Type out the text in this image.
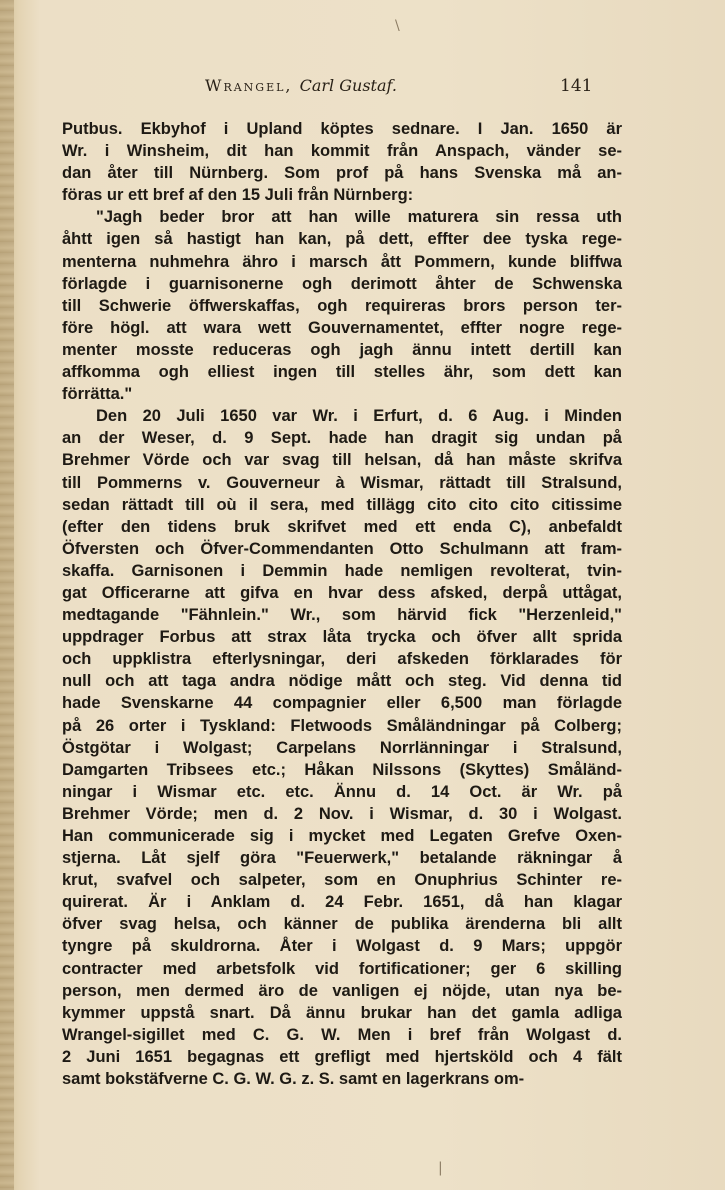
Wrangel, Carl Gustaf.	141
Putbus. Ekbyhof i Upland köptes sednare. I Jan. 1650 är
Wr. i Winsheim, dit han kommit från Anspach, vänder se-
dan åter till Nürnberg. Som prof på hans Svenska må an-
föras ur ett bref af den 15 Juli från Nürnberg:
"Jagh beder bror att han wille maturera sin ressa uth
åhtt igen så hastigt han kan, på dett, effter dee tyska rege-
menterna nuhmehra ähro i marsch ått Pommern, kunde bliffwa
förlagde i guarnisonerne ogh derimott åhter de Schwenska
till Schwerie öffwerskaffas, ogh requireras brors person ter-
före högl. att wara wett Gouvernamentet, effter nogre rege-
menter mosste reduceras ogh jagh ännu intett dertill kan
affkomma ogh elliest ingen till stelles ähr, som dett kan
förrätta."
Den 20 Juli 1650 var Wr. i Erfurt, d. 6 Aug. i Minden
an der Weser, d. 9 Sept. hade han dragit sig undan på
Brehmer Vörde och var svag till helsan, då han måste skrifva
till Pommerns v. Gouverneur à Wismar, rättadt till Stralsund,
sedan rättadt till où il sera, med tillägg cito cito cito citissime
(efter den tidens bruk skrifvet med ett enda C), anbefaldt
Öfversten och Öfver-Commendanten Otto Schulmann att fram-
skaffa. Garnisonen i Demmin hade nemligen revolterat, tvin-
gat Officerarne att gifva en hvar dess afsked, derpå uttågat,
medtagande "Fähnlein." Wr., som härvid fick "Herzenleid,"
uppdrager Forbus att strax låta trycka och öfver allt sprida
och uppklistra efterlysningar, deri afskeden förklarades för
null och att taga andra nödige mått och steg. Vid denna tid
hade Svenskarne 44 compagnier eller 6,500 man förlagde
på 26 orter i Tyskland: Fletwoods Småländningar på Colberg;
Östgötar i Wolgast; Carpelans Norrlänningar i Stralsund,
Damgarten Tribsees etc.; Håkan Nilssons (Skyttes) Småländ-
ningar i Wismar etc. etc. Ännu d. 14 Oct. är Wr. på
Brehmer Vörde; men d. 2 Nov. i Wismar, d. 30 i Wolgast.
Han communicerade sig i mycket med Legaten Grefve Oxen-
stjerna. Låt sjelf göra "Feuerwerk," betalande räkningar å
krut, svafvel och salpeter, som en Onuphrius Schinter re-
quirerat. Är i Anklam d. 24 Febr. 1651, då han klagar
öfver svag helsa, och känner de publika ärenderna bli allt
tyngre på skuldrorna. Åter i Wolgast d. 9 Mars; uppgör
contracter med arbetsfolk vid fortificationer; ger 6 skilling
person, men dermed äro de vanligen ej nöjde, utan nya be-
kymmer uppstå snart. Då ännu brukar han det gamla adliga
Wrangel-sigillet med C. G. W. Men i bref från Wolgast d.
2 Juni 1651 begagnas ett grefligt med hjertsköld och 4 fält
samt bokstäfverne C. G. W. G. z. S. samt en lagerkrans om-
\
|
